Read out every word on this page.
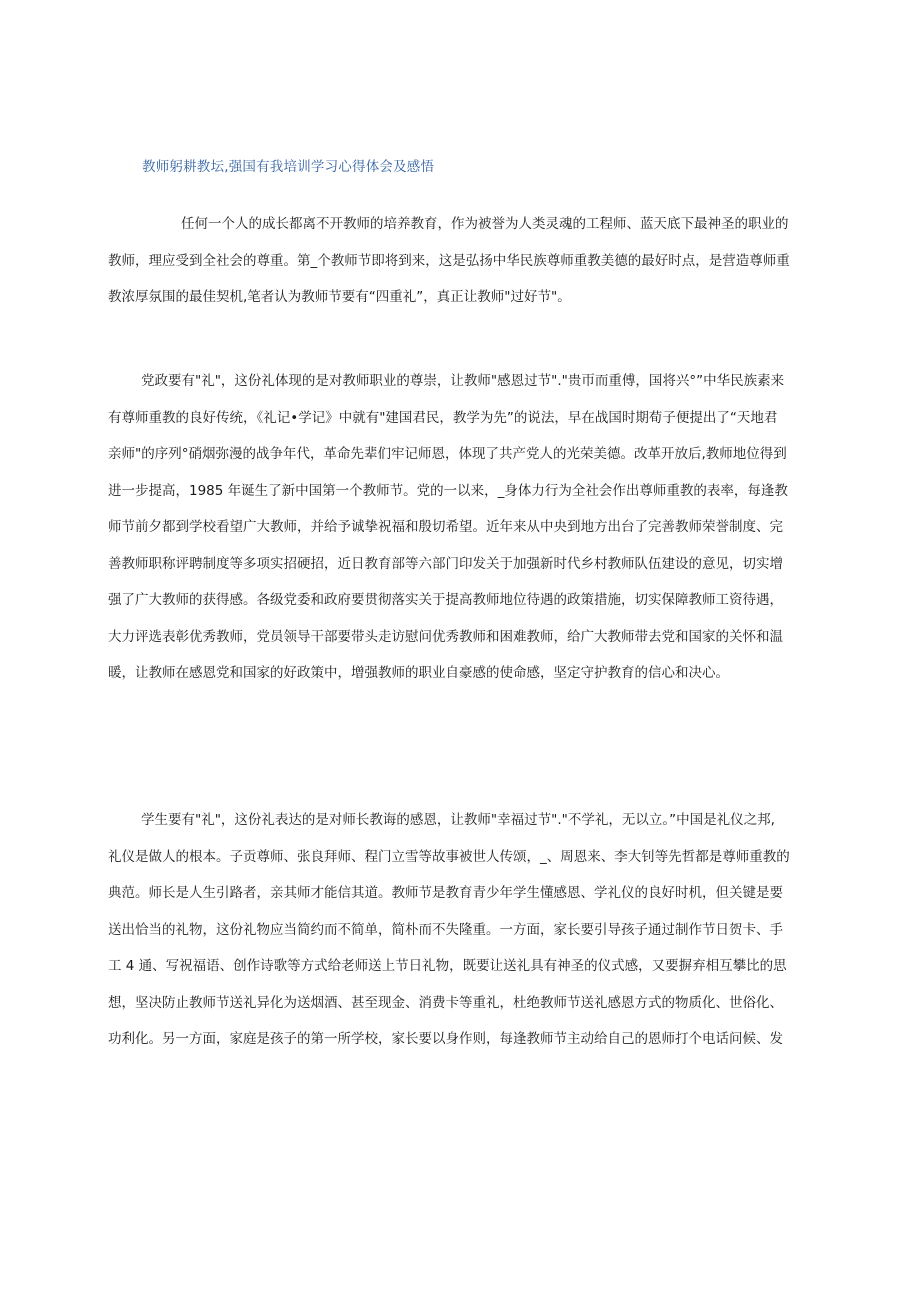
教师躬耕教坛,强国有我培训学习心得体会及感悟
任何一个人的成长都离不开教师的培养教育，作为被誉为人类灵魂的工程师、蓝天底下最神圣的职业的
教师，理应受到全社会的尊重。第_个教师节即将到来，这是弘扬中华民族尊师重教美德的最好时点，是营造尊师重
教浓厚氛围的最佳契机,笔者认为教师节要有“四重礼”，真正让教师"过好节"。
党政要有"礼"，这份礼体现的是对教师职业的尊崇，让教师"感恩过节"."贵帀而重傅，国将兴°”中华民族素来
有尊师重教的良好传统，《礼记•学记》中就有"建国君民，教学为先”的说法，早在战国时期荀子便提出了“天地君
亲师"的序列°硝烟弥漫的战争年代，革命先辈们牢记师恩，体现了共产党人的光荣美德。改革开放后,教师地位得到
进一步提高，1985 年诞生了新中国第一个教师节。党的一以来，_身体力行为全社会作出尊师重教的表率，每逢教
师节前夕都到学校看望广大教师，并给予诚挚祝福和殷切希望。近年来从中央到地方出台了完善教师荣誉制度、完
善教师职称评聘制度等多项实招硬招，近日教育部等六部门印发关于加强新时代乡村教师队伍建设的意见，切实增
强了广大教师的获得感。各级党委和政府要贯彻落实关于提高教师地位待遇的政策措施，切实保障教师工资待遇，
大力评选表彰优秀教师，党员领导干部要带头走访慰问优秀教师和困难教师，给广大教师带去党和国家的关怀和温
暖，让教师在感恩党和国家的好政策中，增强教师的职业自豪感的使命感，坚定守护教育的信心和决心。
学生要有"礼"，这份礼表达的是对师长教诲的感恩，让教师"幸福过节"."不学礼，无以立。”中国是礼仪之邦,
礼仪是做人的根本。子贡尊师、张良拜师、程门立雪等故事被世人传颂，_、周恩来、李大钊等先哲都是尊师重教的
典范。师长是人生引路者，亲其师才能信其道。教师节是教育青少年学生懂感恩、学礼仪的良好时机，但关键是要
送出恰当的礼物，这份礼物应当简约而不简单，简朴而不失隆重。一方面，家长要引导孩子通过制作节日贺卡、手
工 4 通、写祝福语、创作诗歌等方式给老师送上节日礼物，既要让送礼具有神圣的仪式感，又要摒弃相互攀比的思
想，坚决防止教师节送礼异化为送烟酒、甚至现金、消费卡等重礼，杜绝教师节送礼感恩方式的物质化、世俗化、
功利化。另一方面，家庭是孩子的第一所学校，家长要以身作则，每逢教师节主动给自己的恩师打个电话问候、发
